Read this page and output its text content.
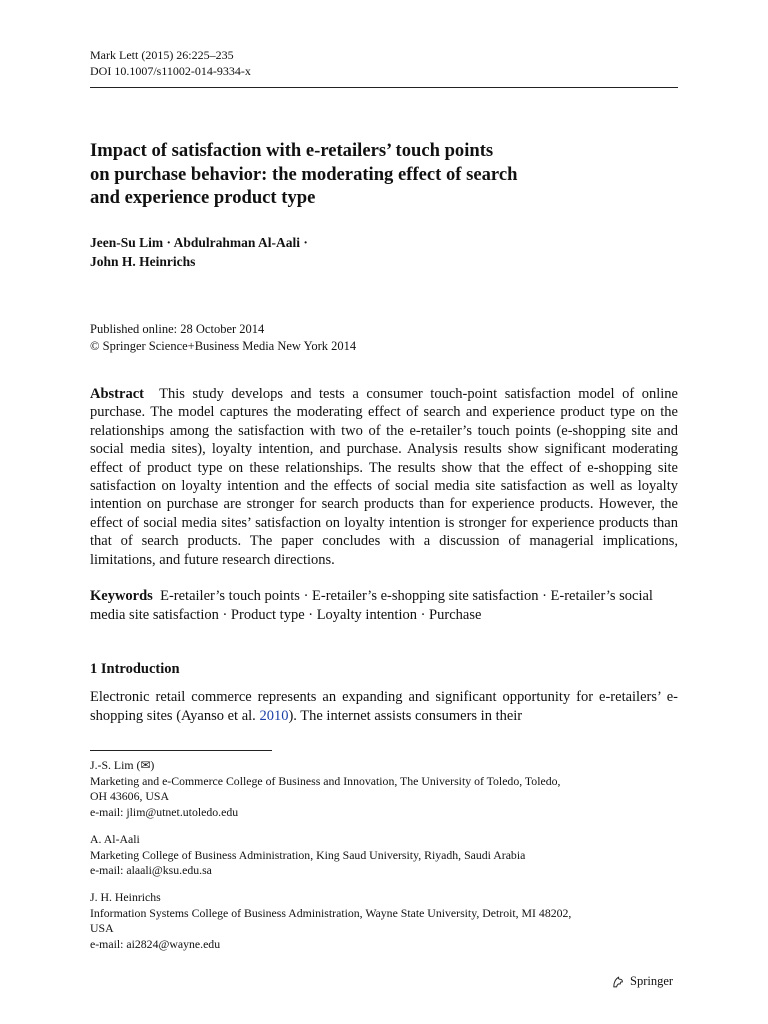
Mark Lett (2015) 26:225–235
DOI 10.1007/s11002-014-9334-x
Impact of satisfaction with e-retailers’ touch points
on purchase behavior: the moderating effect of search
and experience product type
Jeen-Su Lim · Abdulrahman Al-Aali ·
John H. Heinrichs
Published online: 28 October 2014
© Springer Science+Business Media New York 2014

Abstract This study develops and tests a consumer touch-point satisfaction model of online purchase. The model captures the moderating effect of search and experience product type on the relationships among the satisfaction with two of the e-retailer’s touch points (e-shopping site and social media sites), loyalty intention, and purchase. Analysis results show significant moderating effect of product type on these relationships. The results show that the effect of e-shopping site satisfaction on loyalty intention and the effects of social media site satisfaction as well as loyalty intention on purchase are stronger for search products than for experience products. However, the effect of social media sites’ satisfaction on loyalty intention is stronger for experience products than that of search products. The paper concludes with a discussion of managerial implications, limitations, and future research directions.

Keywords E-retailer’s touch points · E-retailer’s e-shopping site satisfaction · E-retailer’s social media site satisfaction · Product type · Loyalty intention · Purchase

1 Introduction

Electronic retail commerce represents an expanding and significant opportunity for e-retailers’ e-shopping sites (Ayanso et al. 2010). The internet assists consumers in their

J.-S. Lim (✉)
Marketing and e-Commerce College of Business and Innovation, The University of Toledo, Toledo,
OH 43606, USA
e-mail: jlim@utnet.utoledo.edu
A. Al-Aali
Marketing College of Business Administration, King Saud University, Riyadh, Saudi Arabia
e-mail: alaali@ksu.edu.sa
J. H. Heinrichs
Information Systems College of Business Administration, Wayne State University, Detroit, MI 48202,
USA
e-mail: ai2824@wayne.edu
Springer
